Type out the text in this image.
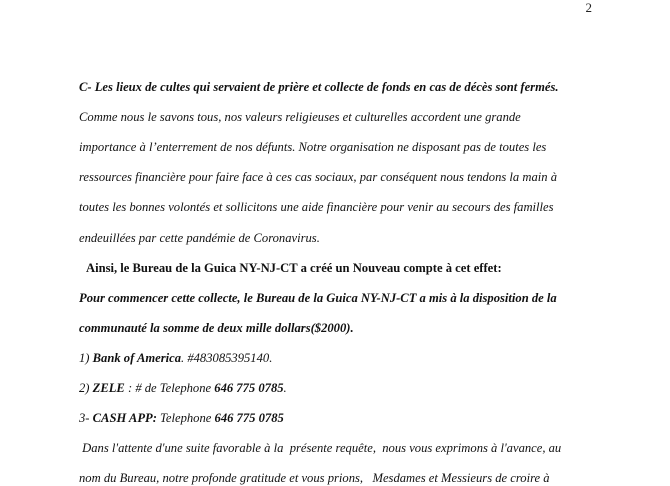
2
C- Les lieux de cultes qui servaient de prière et collecte de fonds en cas de décès sont fermés.
Comme nous le savons tous, nos valeurs religieuses et culturelles accordent une grande
importance à l’enterrement de nos défunts. Notre organisation ne disposant pas de toutes les
ressources financière pour faire face à ces cas sociaux, par conséquent nous tendons la main à
toutes les bonnes volontés et sollicitons une aide financière pour venir au secours des familles
endeuillées par cette pandémie de Coronavirus.
Ainsi, le Bureau de la Guica NY-NJ-CT a créé un Nouveau compte à cet effet:
Pour commencer cette collecte, le Bureau de la Guica NY-NJ-CT a mis à la disposition de la
communauté la somme de deux mille dollars($2000).
1) Bank of America. #483085395140.
2) ZELE : # de Telephone 646 775 0785.
3- CASH APP: Telephone 646 775 0785
Dans l'attente d'une suite favorable à la  présente requête,  nous vous exprimons à l'avance, au
nom du Bureau, notre profonde gratitude et vous prions,   Mesdames et Messieurs de croire à
